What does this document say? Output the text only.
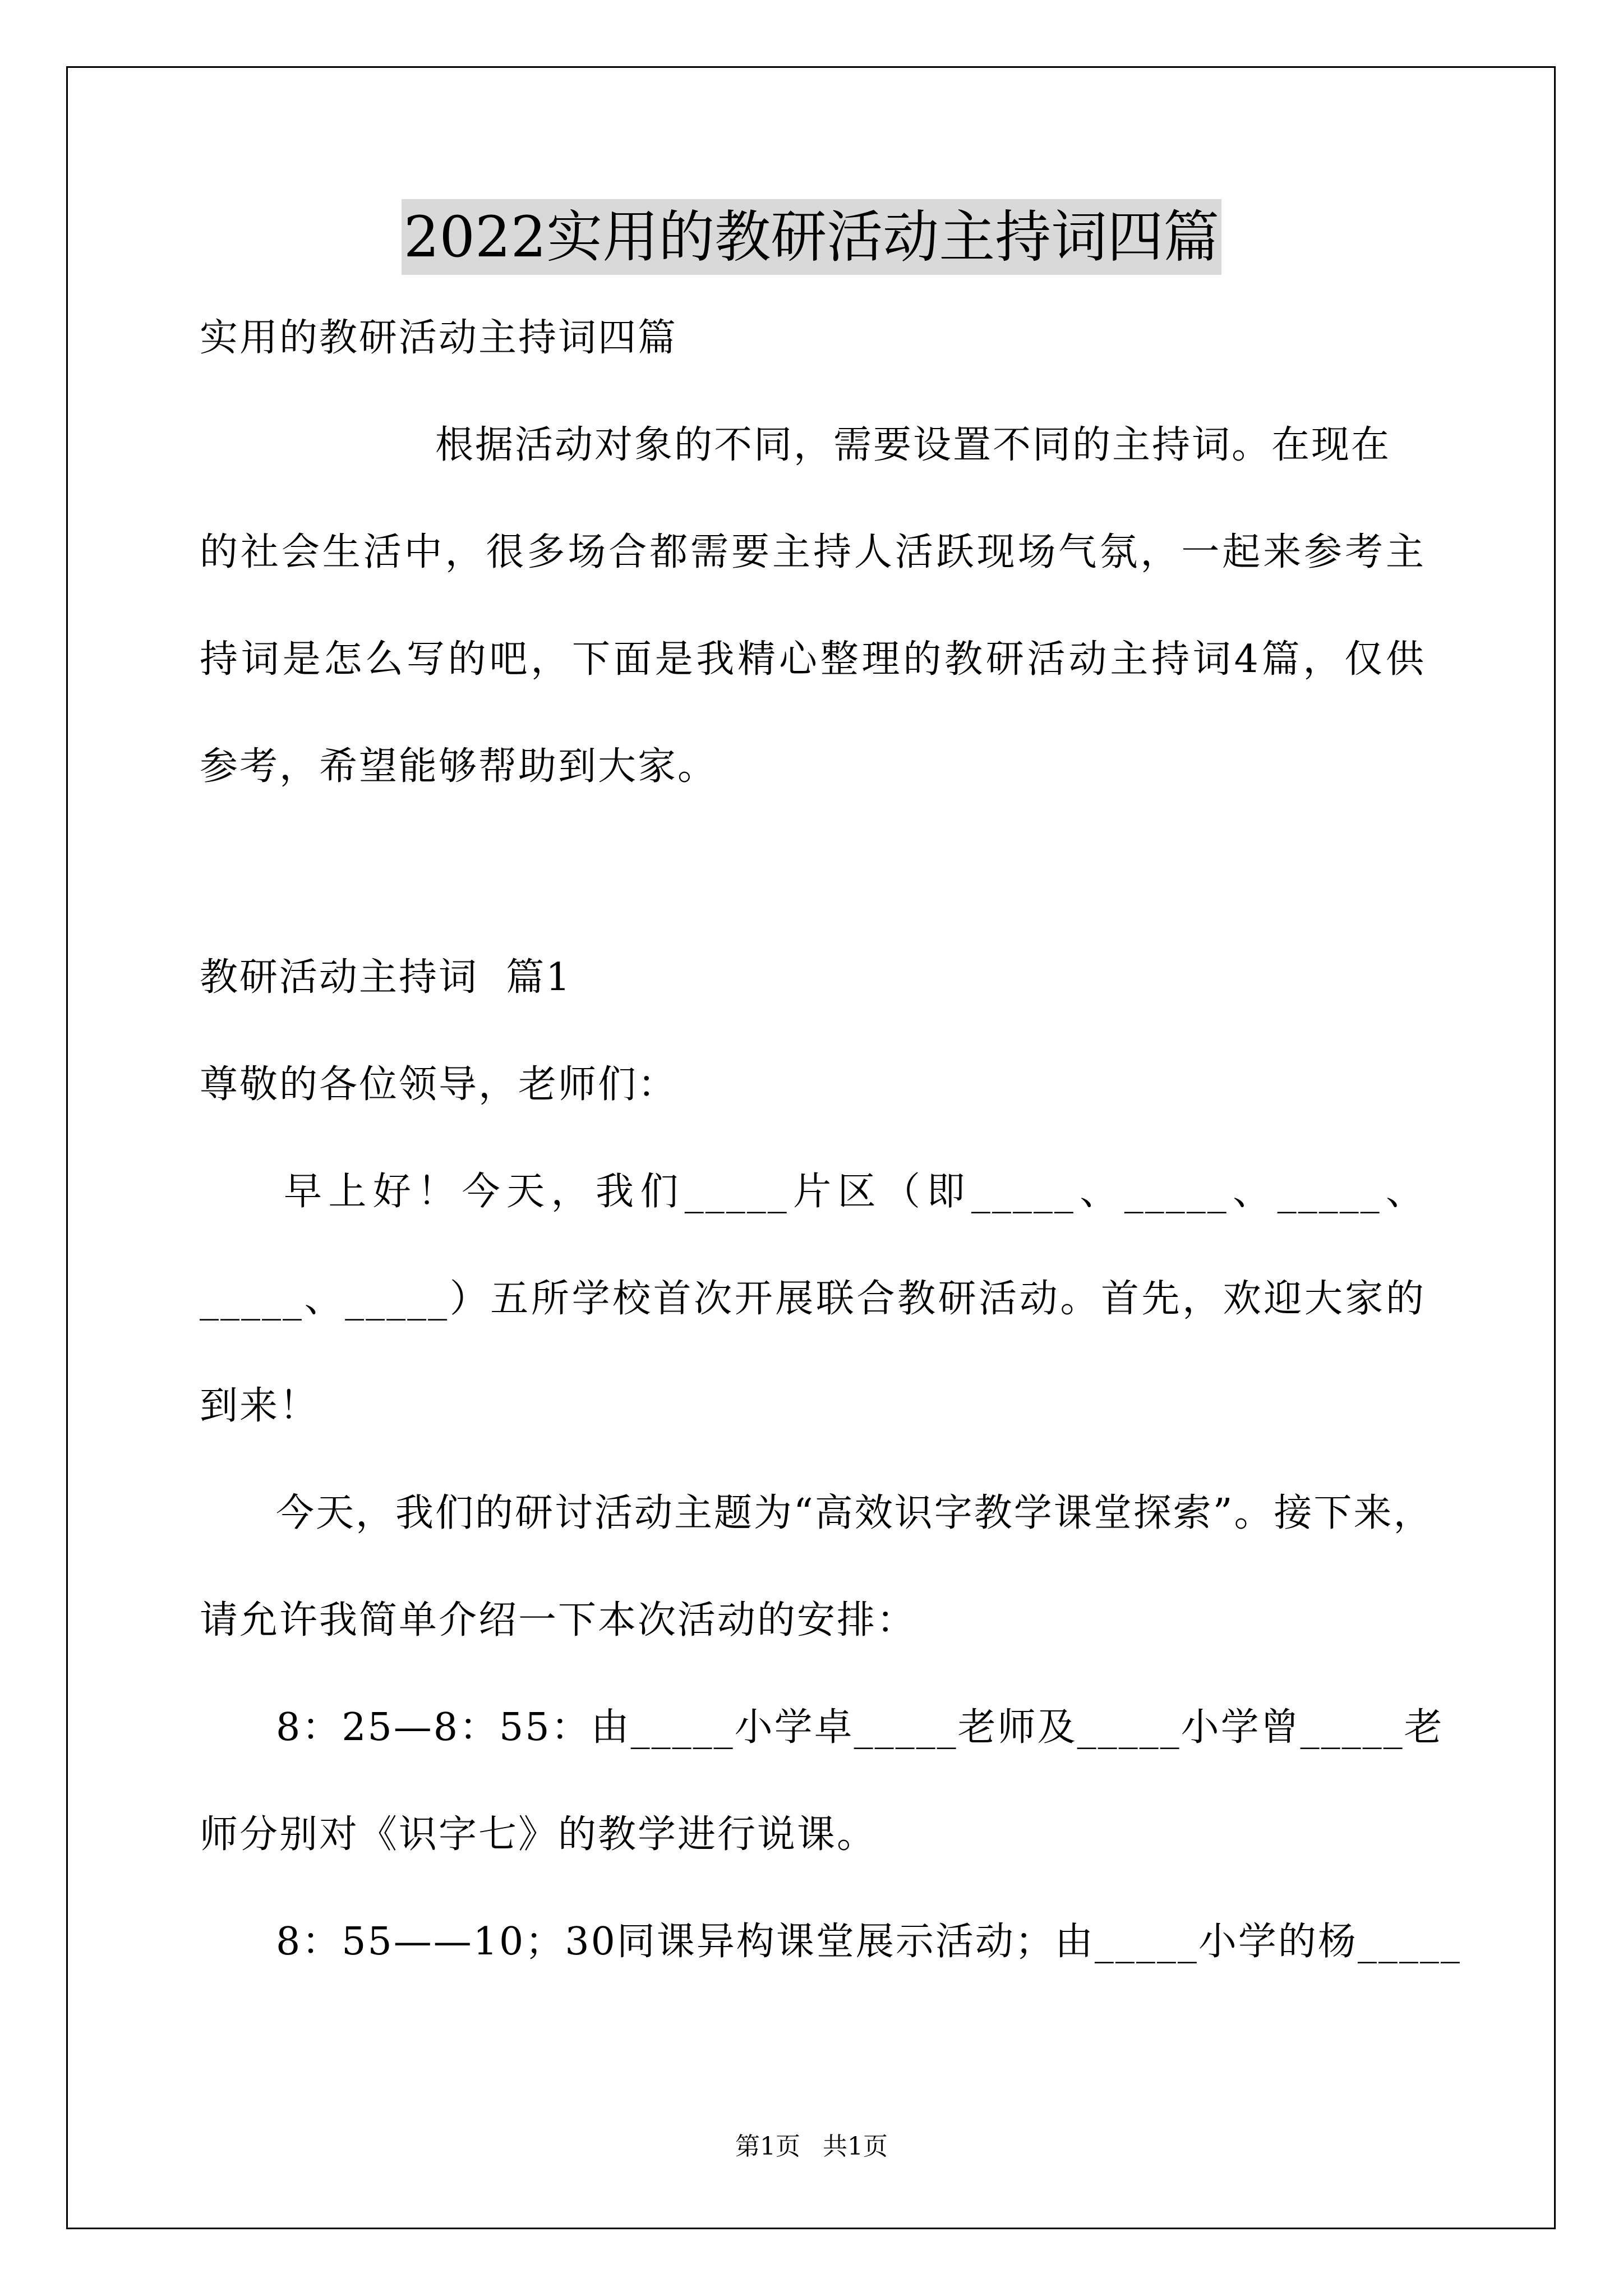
2022实用的教研活动主持词四篇
实用的教研活动主持词四篇
根据活动对象的不同，需要设置不同的主持词。在现在
的社会生活中，很多场合都需要主持人活跃现场气氛，一起来参考主
持词是怎么写的吧，下面是我精心整理的教研活动主持词4篇，仅供
参考，希望能够帮助到大家。
教研活动主持词  篇1
尊敬的各位领导，老师们：
早上好！今天，我们_____片区（即_____、_____、_____、
_____、_____）五所学校首次开展联合教研活动。首先，欢迎大家的
到来！
今天，我们的研讨活动主题为“高效识字教学课堂探索”。接下来，
请允许我简单介绍一下本次活动的安排：
8：25—8：55：由_____小学卓_____老师及_____小学曾_____老
师分别对《识字七》的教学进行说课。
8：55——10；30同课异构课堂展示活动；由_____小学的杨_____
第1页 共1页
